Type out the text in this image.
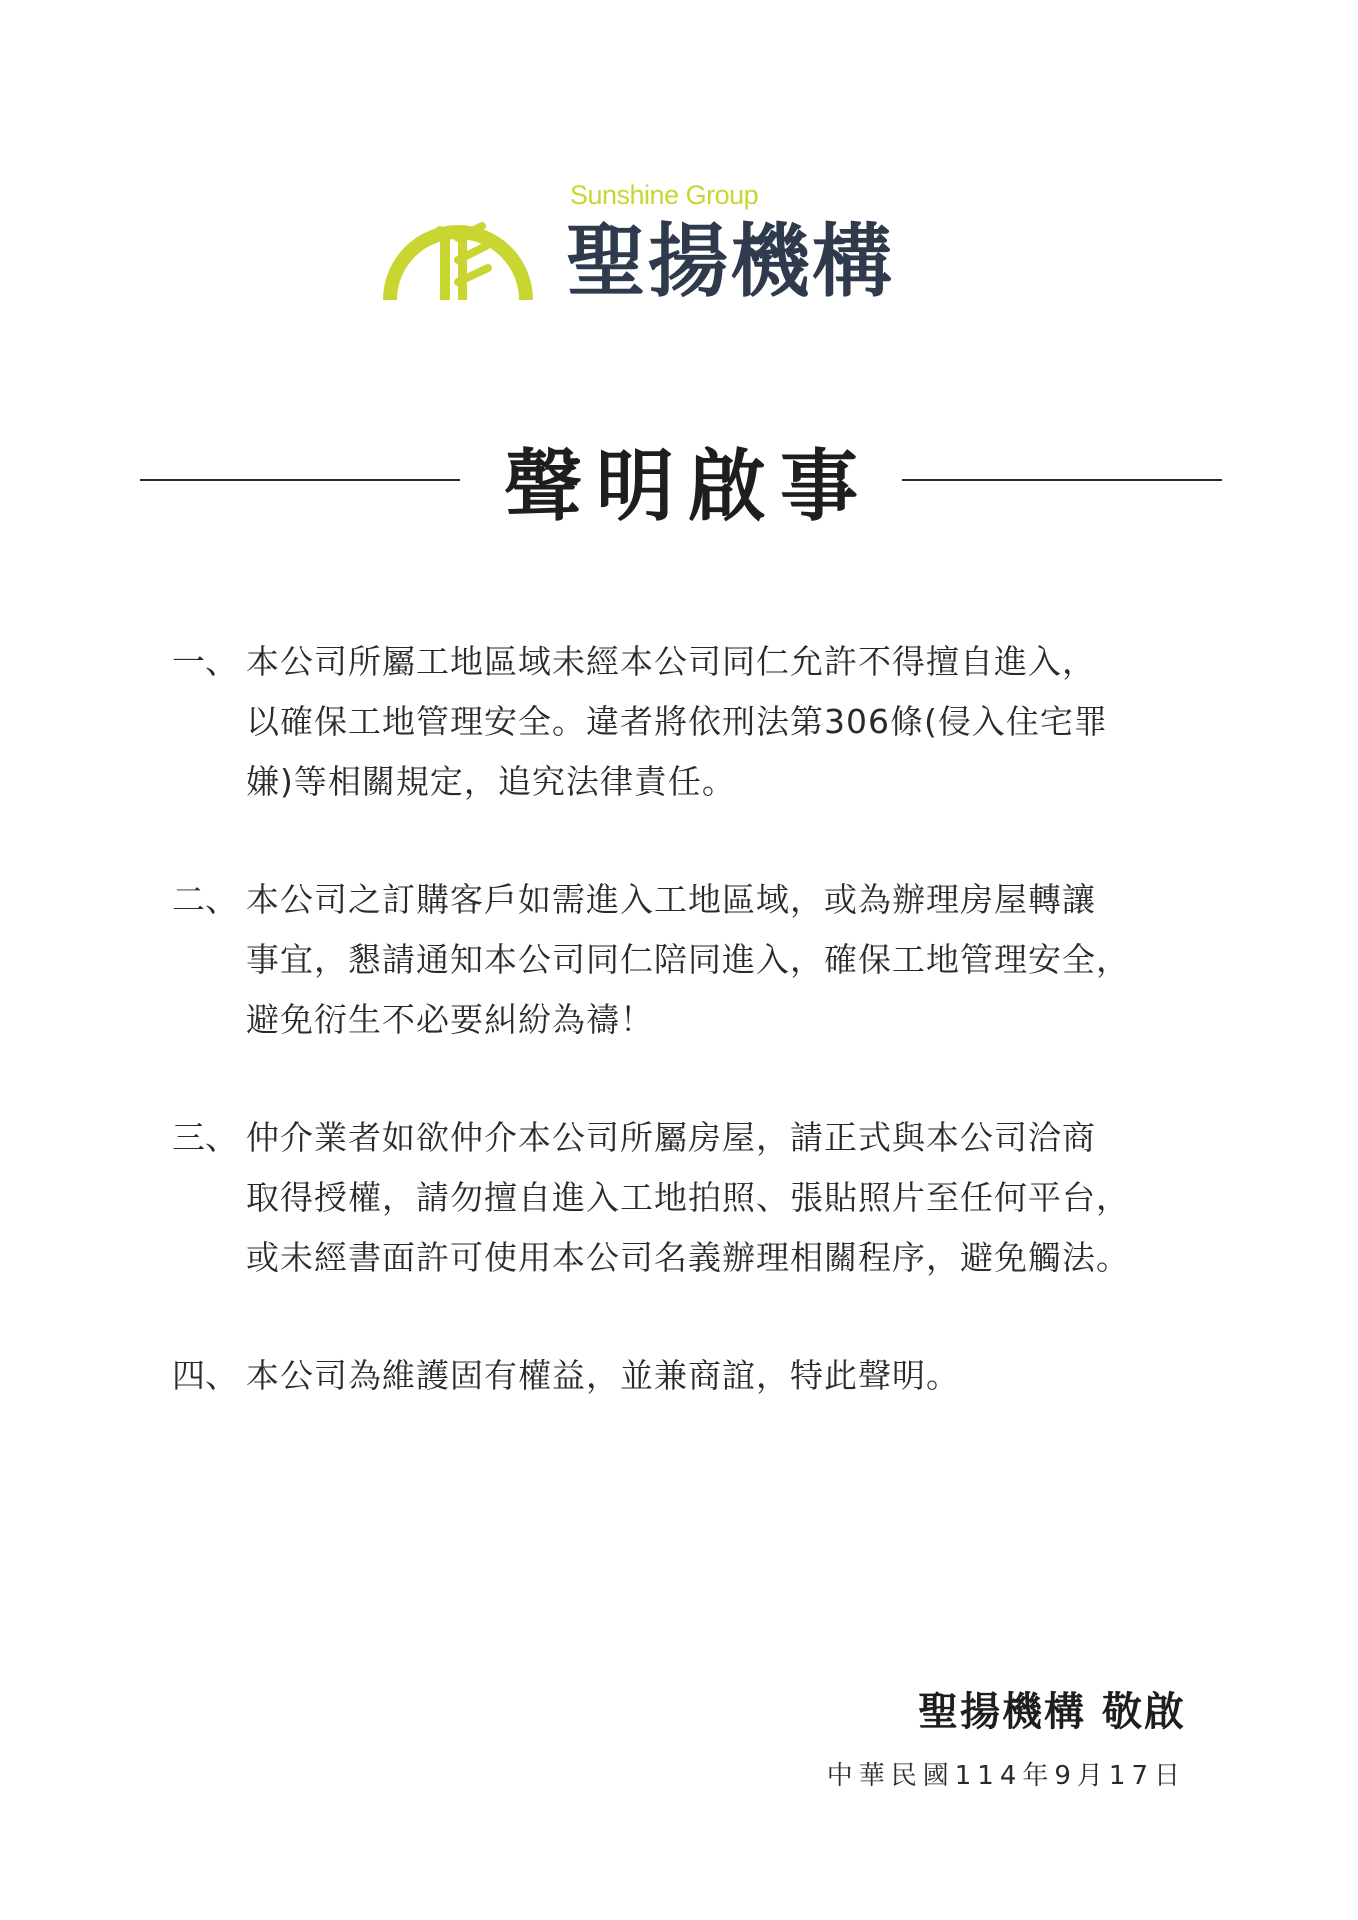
Sunshine Group
聖揚機構
聲明啟事
一、 本公司所屬工地區域未經本公司同仁允許不得擅自進入，
以確保工地管理安全。違者將依刑法第306條(侵入住宅罪
嫌)等相關規定，追究法律責任。
二、 本公司之訂購客戶如需進入工地區域，或為辦理房屋轉讓
事宜，懇請通知本公司同仁陪同進入，確保工地管理安全，
避免衍生不必要糾紛為禱！
三、 仲介業者如欲仲介本公司所屬房屋，請正式與本公司洽商
取得授權，請勿擅自進入工地拍照、張貼照片至任何平台，
或未經書面許可使用本公司名義辦理相關程序，避免觸法。
四、 本公司為維護固有權益，並兼商誼，特此聲明。
聖揚機構 敬啟
中華民國114年9月17日
